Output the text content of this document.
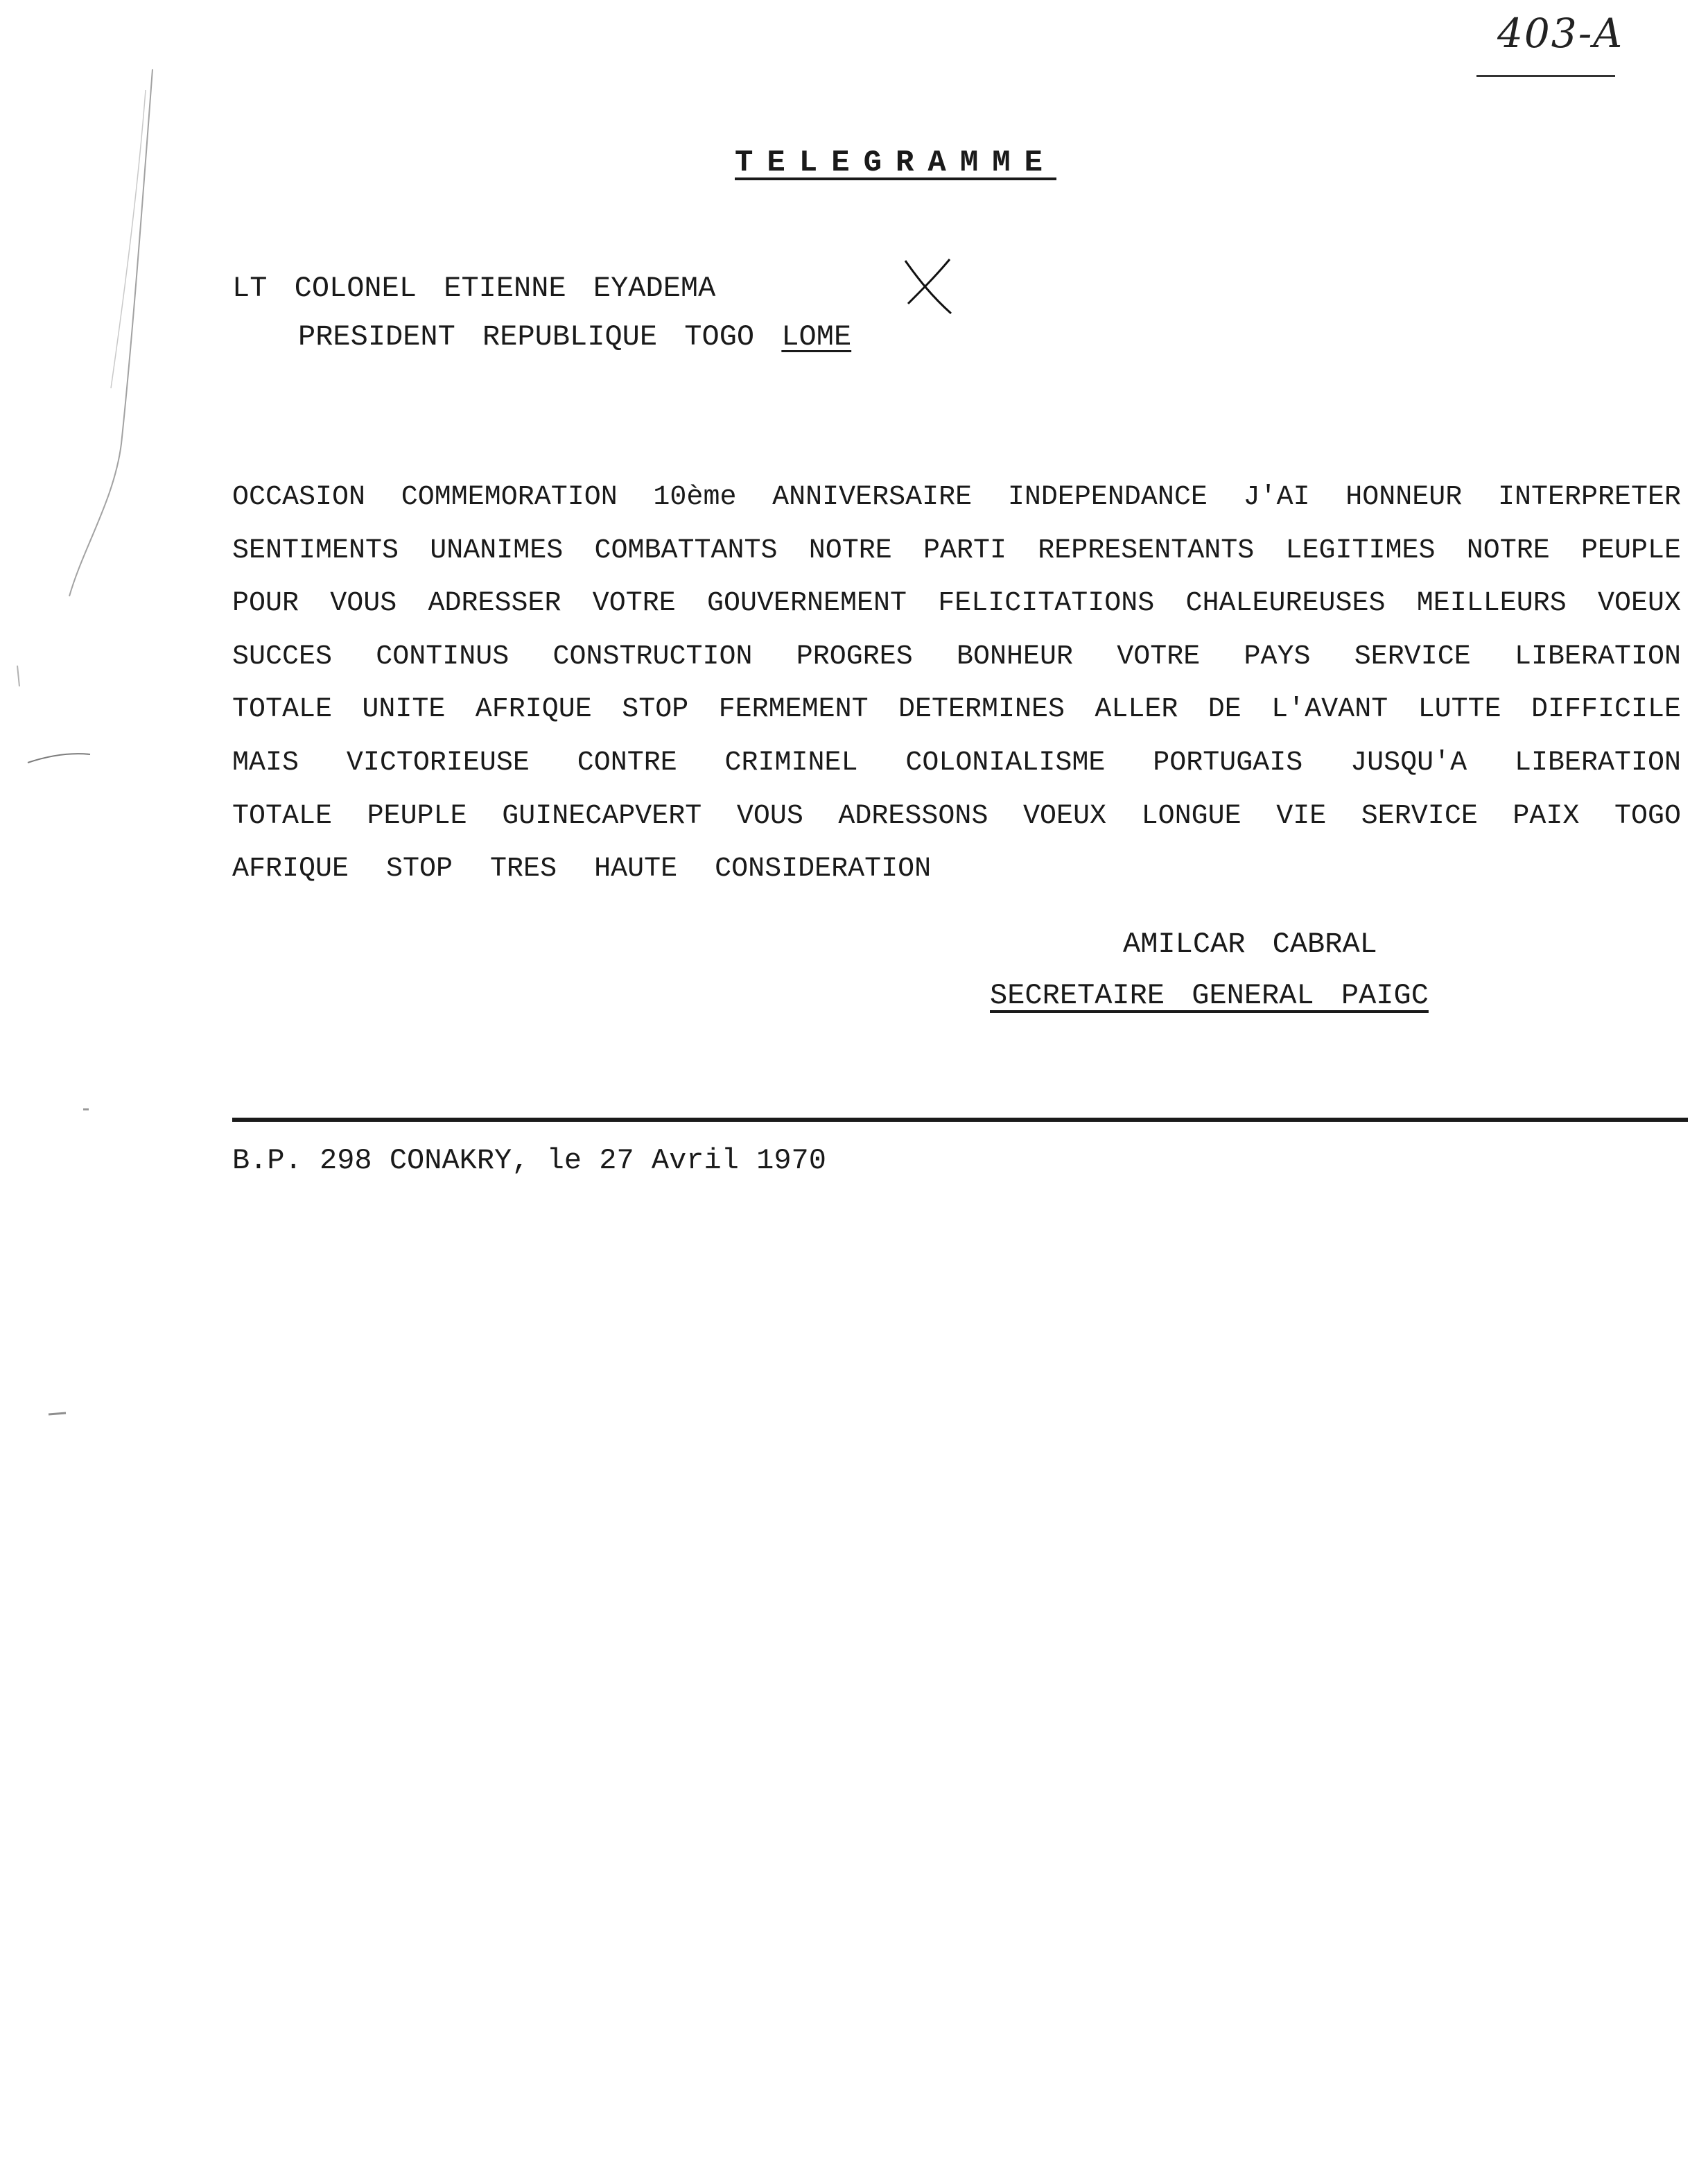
403-A
TELEGRAMME
LT COLONEL ETIENNE EYADEMA
PRESIDENT REPUBLIQUE TOGO LOME
OCCASION COMMEMORATION 10ème ANNIVERSAIRE INDEPENDANCE J'AI HONNEUR INTERPRETER
SENTIMENTS UNANIMES COMBATTANTS NOTRE PARTI REPRESENTANTS LEGITIMES NOTRE PEUPLE
POUR VOUS ADRESSER VOTRE GOUVERNEMENT FELICITATIONS CHALEUREUSES MEILLEURS VOEUX
SUCCES CONTINUS CONSTRUCTION PROGRES BONHEUR VOTRE PAYS SERVICE LIBERATION
TOTALE UNITE AFRIQUE STOP FERMEMENT DETERMINES ALLER DE L'AVANT LUTTE DIFFICILE
MAIS VICTORIEUSE CONTRE CRIMINEL COLONIALISME PORTUGAIS JUSQU'A LIBERATION
TOTALE PEUPLE GUINECAPVERT VOUS ADRESSONS VOEUX LONGUE VIE SERVICE PAIX TOGO
AFRIQUE STOP TRES HAUTE CONSIDERATION
AMILCAR CABRAL
SECRETAIRE GENERAL PAIGC
B.P. 298 CONAKRY, le 27 Avril 1970
